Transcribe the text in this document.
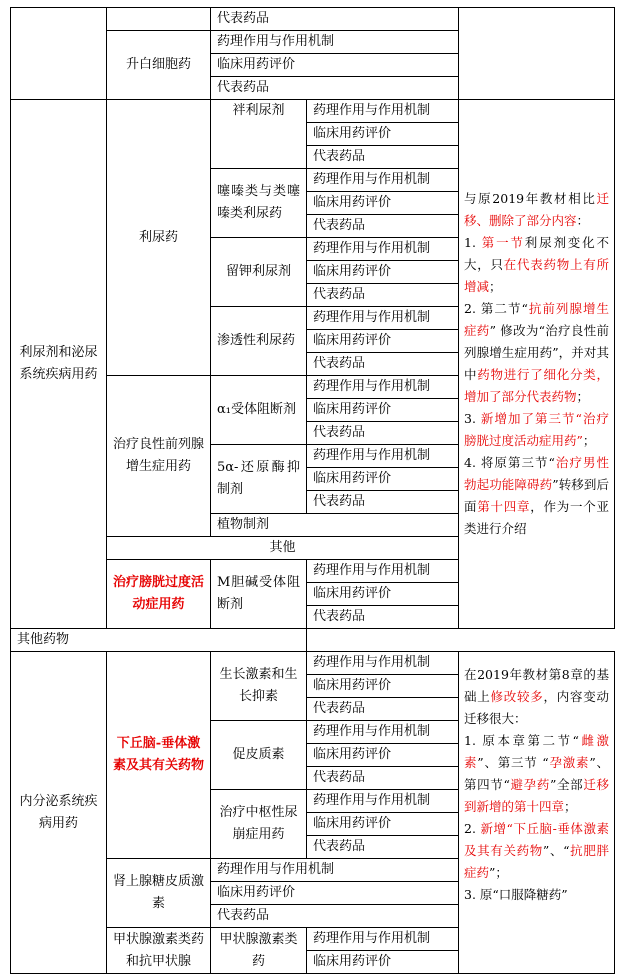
		代表药品		
	升白细胞药	药理作用与作用机制		
		临床用药评价		
		代表药品		
利尿剂和泌尿系统疾病用药	利尿药	袢利尿剂	药理作用与作用机制	与原2019年教材相比迁移、删除了部分内容：

1. 第一节利尿剂变化不大，只在代表药物上有所增减；

2. 第二节“抗前列腺增生症药” 修改为“治疗良性前列腺增生症用药”，并对其中药物进行了细化分类，增加了部分代表药物；

3. 新增加了第三节“治疗膀胱过度活动症用药”；

4. 将原第三节“治疗男性勃起功能障碍药”转移到后面第十四章，作为一个亚类进行介绍

			临床用药评价	
			代表药品	
		噻嗪类与类噻嗪类利尿药	药理作用与作用机制	
			临床用药评价	
			代表药品	
		留钾利尿剂	药理作用与作用机制	
			临床用药评价	
			代表药品	
		渗透性利尿药	药理作用与作用机制	
			临床用药评价	
			代表药品	
	治疗良性前列腺增生症用药	α₁受体阻断剂	药理作用与作用机制	
			临床用药评价	
			代表药品	
		5α-还原酶抑制剂	药理作用与作用机制	
			临床用药评价	
			代表药品	
		植物制剂		
	其他			
	治疗膀胱过度活动症用药	M胆碱受体阻断剂	药理作用与作用机制	
			临床用药评价	
			代表药品	
其他药物				
内分泌系统疾病用药	下丘脑-垂体激素及其有关药物	生长激素和生长抑素	药理作用与作用机制	在2019年教材第8章的基础上修改较多，内容变动迁移很大：

1. 原本章第二节“雌激素”、第三节 “孕激素”、第四节“避孕药”全部迁移到新增的第十四章；

2. 新增“下丘脑-垂体激素及其有关药物”、“抗肥胖症药”；

3. 原“口服降糖药”

			临床用药评价	
			代表药品	
		促皮质素	药理作用与作用机制	
			临床用药评价	
			代表药品	
		治疗中枢性尿崩症用药	药理作用与作用机制	
			临床用药评价	
			代表药品	
	肾上腺糖皮质激素	药理作用与作用机制		
		临床用药评价		
		代表药品		
	甲状腺激素类药和抗甲状腺	甲状腺激素类药	药理作用与作用机制	
			临床用药评价	
